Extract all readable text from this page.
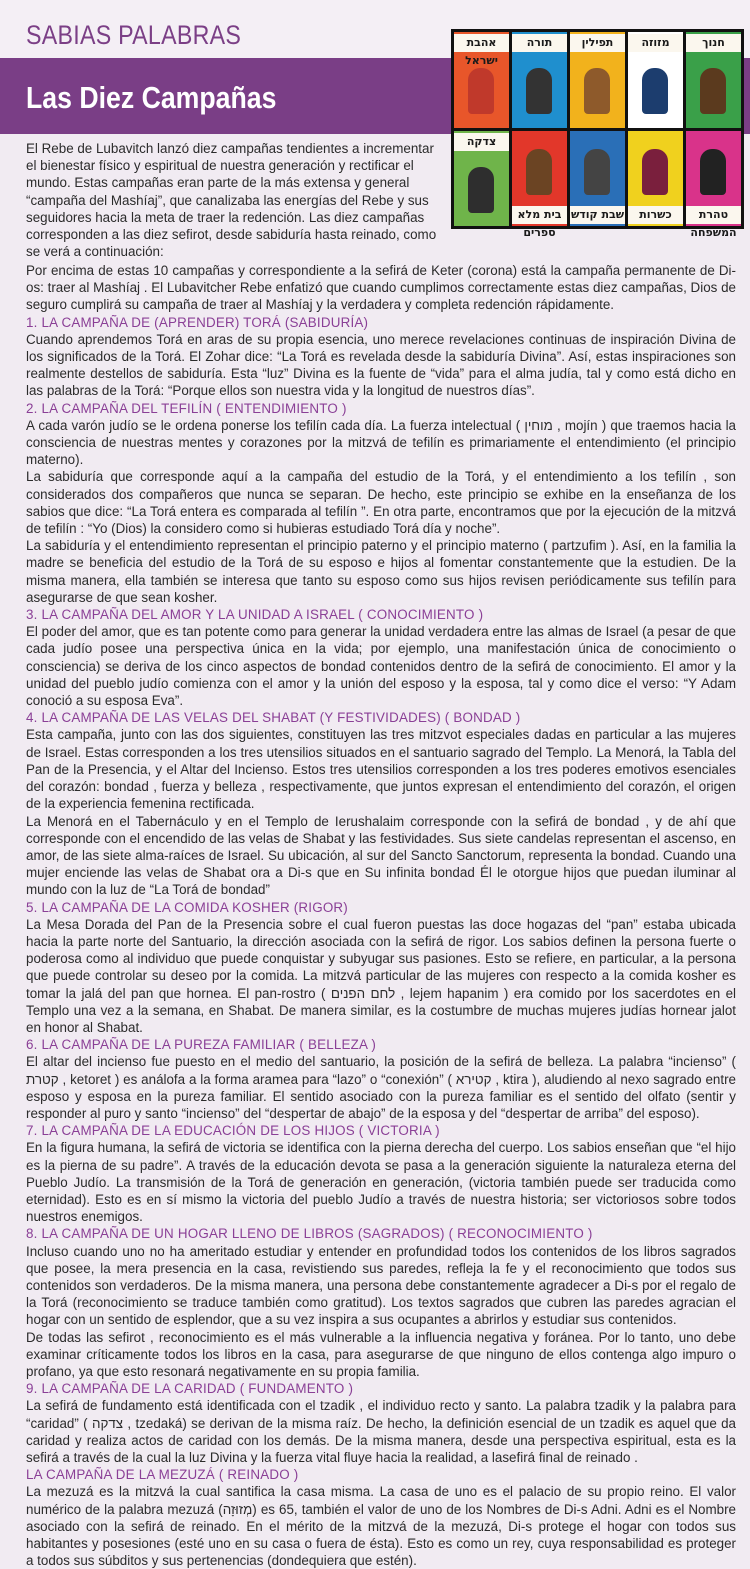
SABIAS PALABRAS
Las Diez Campañas
אהבת ישראל
תורה	תפילין	מזוזה	חנוך
צדקה
בית מלא ספרים
שבת קודש	כשרות	טהרת המשפחה

El Rebe de Lubavitch lanzó diez campañas tendientes a incrementar el bienestar físico y espiritual de nuestra generación y rectificar el mundo. Estas campañas eran parte de la más extensa y general “campaña del Mashíaj”, que canalizaba las energías del Rebe y sus seguidores hacia la meta de traer la redención. Las diez campañas corresponden a las diez sefirot, desde sabiduría hasta reinado, como se verá a continuación:

Por encima de estas 10 campañas y correspondiente a la sefirá de Keter (corona) está la campaña permanente de Di-os: traer al Mashíaj . El Lubavitcher Rebe enfatizó que cuando cumplimos correctamente estas diez campañas, Dios de seguro cumplirá su campaña de traer al Mashíaj y la verdadera y completa redención rápidamente.

1. LA CAMPAÑA DE (APRENDER) TORÁ (SABIDURÍA)

Cuando aprendemos Torá en aras de su propia esencia, uno merece revelaciones continuas de inspiración Divina de los significados de la Torá. El Zohar dice: “La Torá es revelada desde la sabiduría Divina”. Así, estas inspiraciones son realmente destellos de sabiduría. Esta “luz” Divina es la fuente de “vida” para el alma judía, tal y como está dicho en las palabras de la Torá: “Porque ellos son nuestra vida y la longitud de nuestros días”.

2. LA CAMPAÑA DEL TEFILÍN ( ENTENDIMIENTO )

A cada varón judío se le ordena ponerse los tefilín cada día. La fuerza intelectual ( מוחין , mojín ) que traemos hacia la consciencia de nuestras mentes y corazones por la mitzvá de tefilín es primariamente el entendimiento (el principio materno).

La sabiduría que corresponde aquí a la campaña del estudio de la Torá, y el entendimiento a los tefilín , son considerados dos compañeros que nunca se separan. De hecho, este principio se exhibe en la enseñanza de los sabios que dice: “La Torá entera es comparada al tefilín ”. En otra parte, encontramos que por la ejecución de la mitzvá de tefilín : “Yo (Dios) la considero como si hubieras estudiado Torá día y noche”.

La sabiduría y el entendimiento representan el principio paterno y el principio materno ( partzufim ). Así, en la familia la madre se beneficia del estudio de la Torá de su esposo e hijos al fomentar constantemente que la estudien. De la misma manera, ella también se interesa que tanto su esposo como sus hijos revisen periódicamente sus tefilín para asegurarse de que sean kosher.

3. LA CAMPAÑA DEL AMOR Y LA UNIDAD A ISRAEL ( CONOCIMIENTO )

El poder del amor, que es tan potente como para generar la unidad verdadera entre las almas de Israel (a pesar de que cada judío posee una perspectiva única en la vida; por ejemplo, una manifestación única de conocimiento o consciencia) se deriva de los cinco aspectos de bondad contenidos dentro de la sefirá de conocimiento. El amor y la unidad del pueblo judío comienza con el amor y la unión del esposo y la esposa, tal y como dice el verso: “Y Adam conoció a su esposa Eva”.

4. LA CAMPAÑA DE LAS VELAS DEL SHABAT (Y FESTIVIDADES) ( BONDAD )

Esta campaña, junto con las dos siguientes, constituyen las tres mitzvot especiales dadas en particular a las mujeres de Israel. Estas corresponden a los tres utensilios situados en el santuario sagrado del Templo. La Menorá, la Tabla del Pan de la Presencia, y el Altar del Incienso. Estos tres utensilios corresponden a los tres poderes emotivos esenciales del corazón: bondad , fuerza y belleza , respectivamente, que juntos expresan el entendimiento del corazón, el origen de la experiencia femenina rectificada.

La Menorá en el Tabernáculo y en el Templo de Ierushalaim corresponde con la sefirá de bondad , y de ahí que corresponde con el encendido de las velas de Shabat y las festividades. Sus siete candelas representan el ascenso, en amor, de las siete alma-raíces de Israel. Su ubicación, al sur del Sancto Sanctorum, representa la bondad. Cuando una mujer enciende las velas de Shabat ora a Di-s que en Su infinita bondad Él le otorgue hijos que puedan iluminar al mundo con la luz de “La Torá de bondad”

5. LA CAMPAÑA DE LA COMIDA KOSHER (RIGOR)

La Mesa Dorada del Pan de la Presencia sobre el cual fueron puestas las doce hogazas del “pan” estaba ubicada hacia la parte norte del Santuario, la dirección asociada con la sefirá de rigor. Los sabios definen la persona fuerte o poderosa como al individuo que puede conquistar y subyugar sus pasiones. Esto se refiere, en particular, a la persona que puede controlar su deseo por la comida. La mitzvá particular de las mujeres con respecto a la comida kosher es tomar la jalá del pan que hornea. El pan-rostro ( לחם הפנים , lejem hapanim ) era comido por los sacerdotes en el Templo una vez a la semana, en Shabat. De manera similar, es la costumbre de muchas mujeres judías hornear jalot en honor al Shabat.

6. LA CAMPAÑA DE LA PUREZA FAMILIAR ( BELLEZA )

El altar del incienso fue puesto en el medio del santuario, la posición de la sefirá de belleza. La palabra “incienso” ( קטרת , ketoret ) es análofa a la forma aramea para “lazo” o “conexión” ( קטירא , ktira ), aludiendo al nexo sagrado entre esposo y esposa en la pureza familiar. El sentido asociado con la pureza familiar es el sentido del olfato (sentir y responder al puro y santo “incienso” del “despertar de abajo” de la esposa y del “despertar de arriba” del esposo).

7. LA CAMPAÑA DE LA EDUCACIÓN DE LOS HIJOS ( VICTORIA )

En la figura humana, la sefirá de victoria se identifica con la pierna derecha del cuerpo. Los sabios enseñan que “el hijo es la pierna de su padre”. A través de la educación devota se pasa a la generación siguiente la naturaleza eterna del Pueblo Judío. La transmisión de la Torá de generación en generación, (victoria también puede ser traducida como eternidad). Esto es en sí mismo la victoria del pueblo Judío a través de nuestra historia; ser victoriosos sobre todos nuestros enemigos.

8. LA CAMPAÑA DE UN HOGAR LLENO DE LIBROS (SAGRADOS) ( RECONOCIMIENTO )

Incluso cuando uno no ha ameritado estudiar y entender en profundidad todos los contenidos de los libros sagrados que posee, la mera presencia en la casa, revistiendo sus paredes, refleja la fe y el reconocimiento que todos sus contenidos son verdaderos. De la misma manera, una persona debe constantemente agradecer a Di-s por el regalo de la Torá (reconocimiento se traduce también como gratitud). Los textos sagrados que cubren las paredes agracian el hogar con un sentido de esplendor, que a su vez inspira a sus ocupantes a abrirlos y estudiar sus contenidos.

De todas las sefirot , reconocimiento es el más vulnerable a la influencia negativa y foránea. Por lo tanto, uno debe examinar críticamente todos los libros en la casa, para asegurarse de que ninguno de ellos contenga algo impuro o profano, ya que esto resonará negativamente en su propia familia.

9. LA CAMPAÑA DE LA CARIDAD ( FUNDAMENTO )

La sefirá de fundamento está identificada con el tzadik , el individuo recto y santo. La palabra tzadik y la palabra para “caridad” ( צדקה , tzedaká) se derivan de la misma raíz. De hecho, la definición esencial de un tzadik es aquel que da caridad y realiza actos de caridad con los demás. De la misma manera, desde una perspectiva espiritual, esta es la sefirá a través de la cual la luz Divina y la fuerza vital fluye hacia la realidad, a lasefirá final de reinado .

LA CAMPAÑA DE LA MEZUZÁ ( REINADO )

La mezuzá es la mitzvá la cual santifica la casa misma. La casa de uno es el palacio de su propio reino. El valor numérico de la palabra mezuzá (מְזוּזָה) es 65, también el valor de uno de los Nombres de Di-s Adni. Adni es el Nombre asociado con la sefirá de reinado. En el mérito de la mitzvá de la mezuzá, Di-s protege el hogar con todos sus habitantes y posesiones (esté uno en su casa o fuera de ésta). Esto es como un rey, cuya responsabilidad es proteger a todos sus súbditos y sus pertenencias (dondequiera que estén).
